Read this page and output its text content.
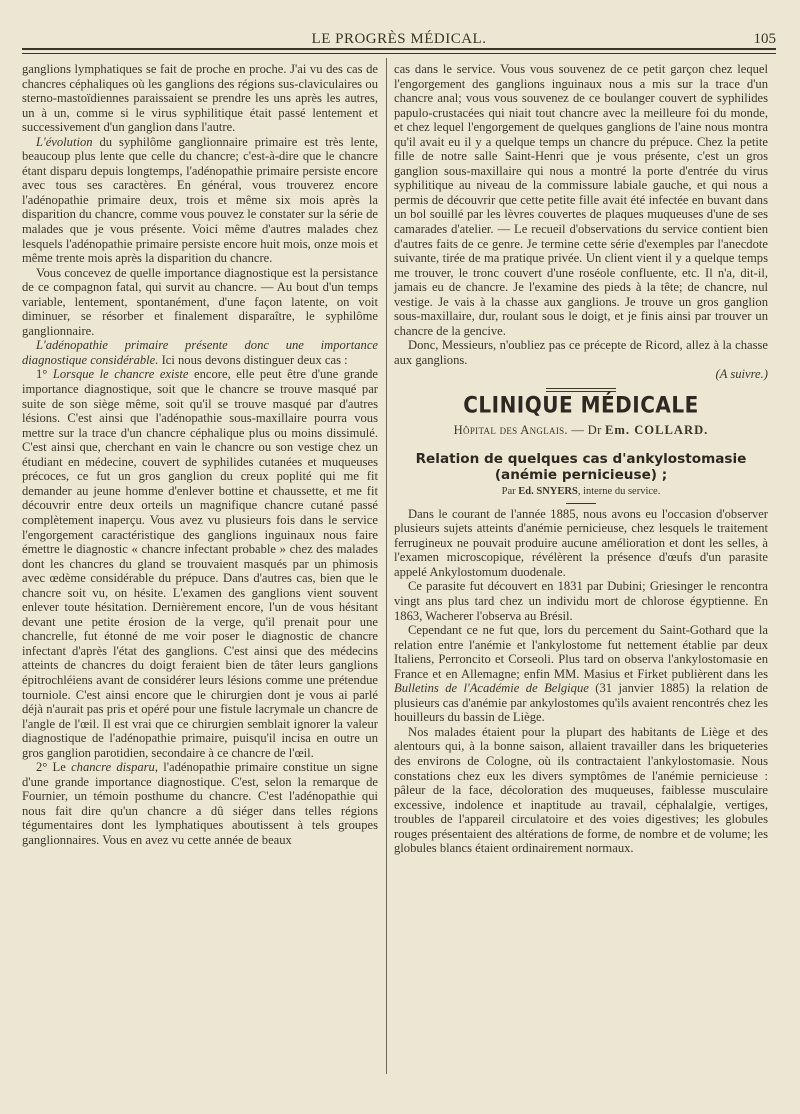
LE PROGRÈS MÉDICAL.	105

ganglions lymphatiques se fait de proche en proche. J'ai vu des cas de chancres céphaliques où les ganglions des régions sus-claviculaires ou sterno-mastoïdiennes paraissaient se prendre les uns après les autres, un à un, comme si le virus syphilitique était passé lentement et successivement d'un ganglion dans l'autre.

L'évolution du syphilôme ganglionnaire primaire est très lente, beaucoup plus lente que celle du chancre; c'est-à-dire que le chancre étant disparu depuis longtemps, l'adénopathie primaire persiste encore avec tous ses caractères. En général, vous trouverez encore l'adénopathie primaire deux, trois et même six mois après la disparition du chancre, comme vous pouvez le constater sur la série de malades que je vous présente. Voici même d'autres malades chez lesquels l'adénopathie primaire persiste encore huit mois, onze mois et même trente mois après la disparition du chancre.

Vous concevez de quelle importance diagnostique est la persistance de ce compagnon fatal, qui survit au chancre. — Au bout d'un temps variable, lentement, spontanément, d'une façon latente, on voit diminuer, se résorber et finalement disparaître, le syphilôme ganglionnaire.

L'adénopathie primaire présente donc une importance diagnostique considérable. Ici nous devons distinguer deux cas :

1° Lorsque le chancre existe encore, elle peut être d'une grande importance diagnostique, soit que le chancre se trouve masqué par suite de son siège même, soit qu'il se trouve masqué par d'autres lésions. C'est ainsi que l'adénopathie sous-maxillaire pourra vous mettre sur la trace d'un chancre céphalique plus ou moins dissimulé. C'est ainsi que, cherchant en vain le chancre ou son vestige chez un étudiant en médecine, couvert de syphilides cutanées et muqueuses précoces, ce fut un gros ganglion du creux poplité qui me fit demander au jeune homme d'enlever bottine et chaussette, et me fit découvrir entre deux orteils un magnifique chancre cutané passé complètement inaperçu. Vous avez vu plusieurs fois dans le service l'engorgement caractéristique des ganglions inguinaux nous faire émettre le diagnostic « chancre infectant probable » chez des malades dont les chancres du gland se trouvaient masqués par un phimosis avec œdème considérable du prépuce. Dans d'autres cas, bien que le chancre soit vu, on hésite. L'examen des ganglions vient souvent enlever toute hésitation. Dernièrement encore, l'un de vous hésitant devant une petite érosion de la verge, qu'il prenait pour une chancrelle, fut étonné de me voir poser le diagnostic de chancre infectant d'après l'état des ganglions. C'est ainsi que des médecins atteints de chancres du doigt feraient bien de tâter leurs ganglions épitrochléiens avant de considérer leurs lésions comme une prétendue tourniole. C'est ainsi encore que le chirurgien dont je vous ai parlé déjà n'aurait pas pris et opéré pour une fistule lacrymale un chancre de l'angle de l'œil. Il est vrai que ce chirurgien semblait ignorer la valeur diagnostique de l'adénopathie primaire, puisqu'il incisa en outre un gros ganglion parotidien, secondaire à ce chancre de l'œil.

2° Le chancre disparu, l'adénopathie primaire constitue un signe d'une grande importance diagnostique. C'est, selon la remarque de Fournier, un témoin posthume du chancre. C'est l'adénopathie qui nous fait dire qu'un chancre a dû siéger dans telles régions tégumentaires dont les lymphatiques aboutissent à tels groupes ganglionnaires. Vous en avez vu cette année de beaux

cas dans le service. Vous vous souvenez de ce petit garçon chez lequel l'engorgement des ganglions inguinaux nous a mis sur la trace d'un chancre anal; vous vous souvenez de ce boulanger couvert de syphilides papulo-crustacées qui niait tout chancre avec la meilleure foi du monde, et chez lequel l'engorgement de quelques ganglions de l'aine nous montra qu'il avait eu il y a quelque temps un chancre du prépuce. Chez la petite fille de notre salle Saint-Henri que je vous présente, c'est un gros ganglion sous-maxillaire qui nous a montré la porte d'entrée du virus syphilitique au niveau de la commissure labiale gauche, et qui nous a permis de découvrir que cette petite fille avait été infectée en buvant dans un bol souillé par les lèvres couvertes de plaques muqueuses d'une de ses camarades d'atelier. — Le recueil d'observations du service contient bien d'autres faits de ce genre. Je termine cette série d'exemples par l'anecdote suivante, tirée de ma pratique privée. Un client vient il y a quelque temps me trouver, le tronc couvert d'une roséole confluente, etc. Il n'a, dit-il, jamais eu de chancre. Je l'examine des pieds à la tête; de chancre, nul vestige. Je vais à la chasse aux ganglions. Je trouve un gros ganglion sous-maxillaire, dur, roulant sous le doigt, et je finis ainsi par trouver un chancre de la gencive.

Donc, Messieurs, n'oubliez pas ce précepte de Ricord, allez à la chasse aux ganglions.

(A suivre.)
CLINIQUE MÉDICALE
Hôpital des Anglais. — Dr Em. COLLARD.
Relation de quelques cas d'ankylostomasie
(anémie pernicieuse) ;
Par Ed. SNYERS, interne du service.

Dans le courant de l'année 1885, nous avons eu l'occasion d'observer plusieurs sujets atteints d'anémie pernicieuse, chez lesquels le traitement ferrugineux ne pouvait produire aucune amélioration et dont les selles, à l'examen microscopique, révélèrent la présence d'œufs d'un parasite appelé Ankylostomum duodenale.

Ce parasite fut découvert en 1831 par Dubini; Griesinger le rencontra vingt ans plus tard chez un individu mort de chlorose égyptienne. En 1863, Wacherer l'observa au Brésil.

Cependant ce ne fut que, lors du percement du Saint-Gothard que la relation entre l'anémie et l'ankylostome fut nettement établie par deux Italiens, Perroncito et Corseoli. Plus tard on observa l'ankylostomasie en France et en Allemagne; enfin MM. Masius et Firket publièrent dans les Bulletins de l'Académie de Belgique (31 janvier 1885) la relation de plusieurs cas d'anémie par ankylostomes qu'ils avaient rencontrés chez les houilleurs du bassin de Liège.

Nos malades étaient pour la plupart des habitants de Liège et des alentours qui, à la bonne saison, allaient travailler dans les briqueteries des environs de Cologne, où ils contractaient l'ankylostomasie. Nous constations chez eux les divers symptômes de l'anémie pernicieuse : pâleur de la face, décoloration des muqueuses, faiblesse musculaire excessive, indolence et inaptitude au travail, céphalalgie, vertiges, troubles de l'appareil circulatoire et des voies digestives; les globules rouges présentaient des altérations de forme, de nombre et de volume; les globules blancs étaient ordinairement normaux.
